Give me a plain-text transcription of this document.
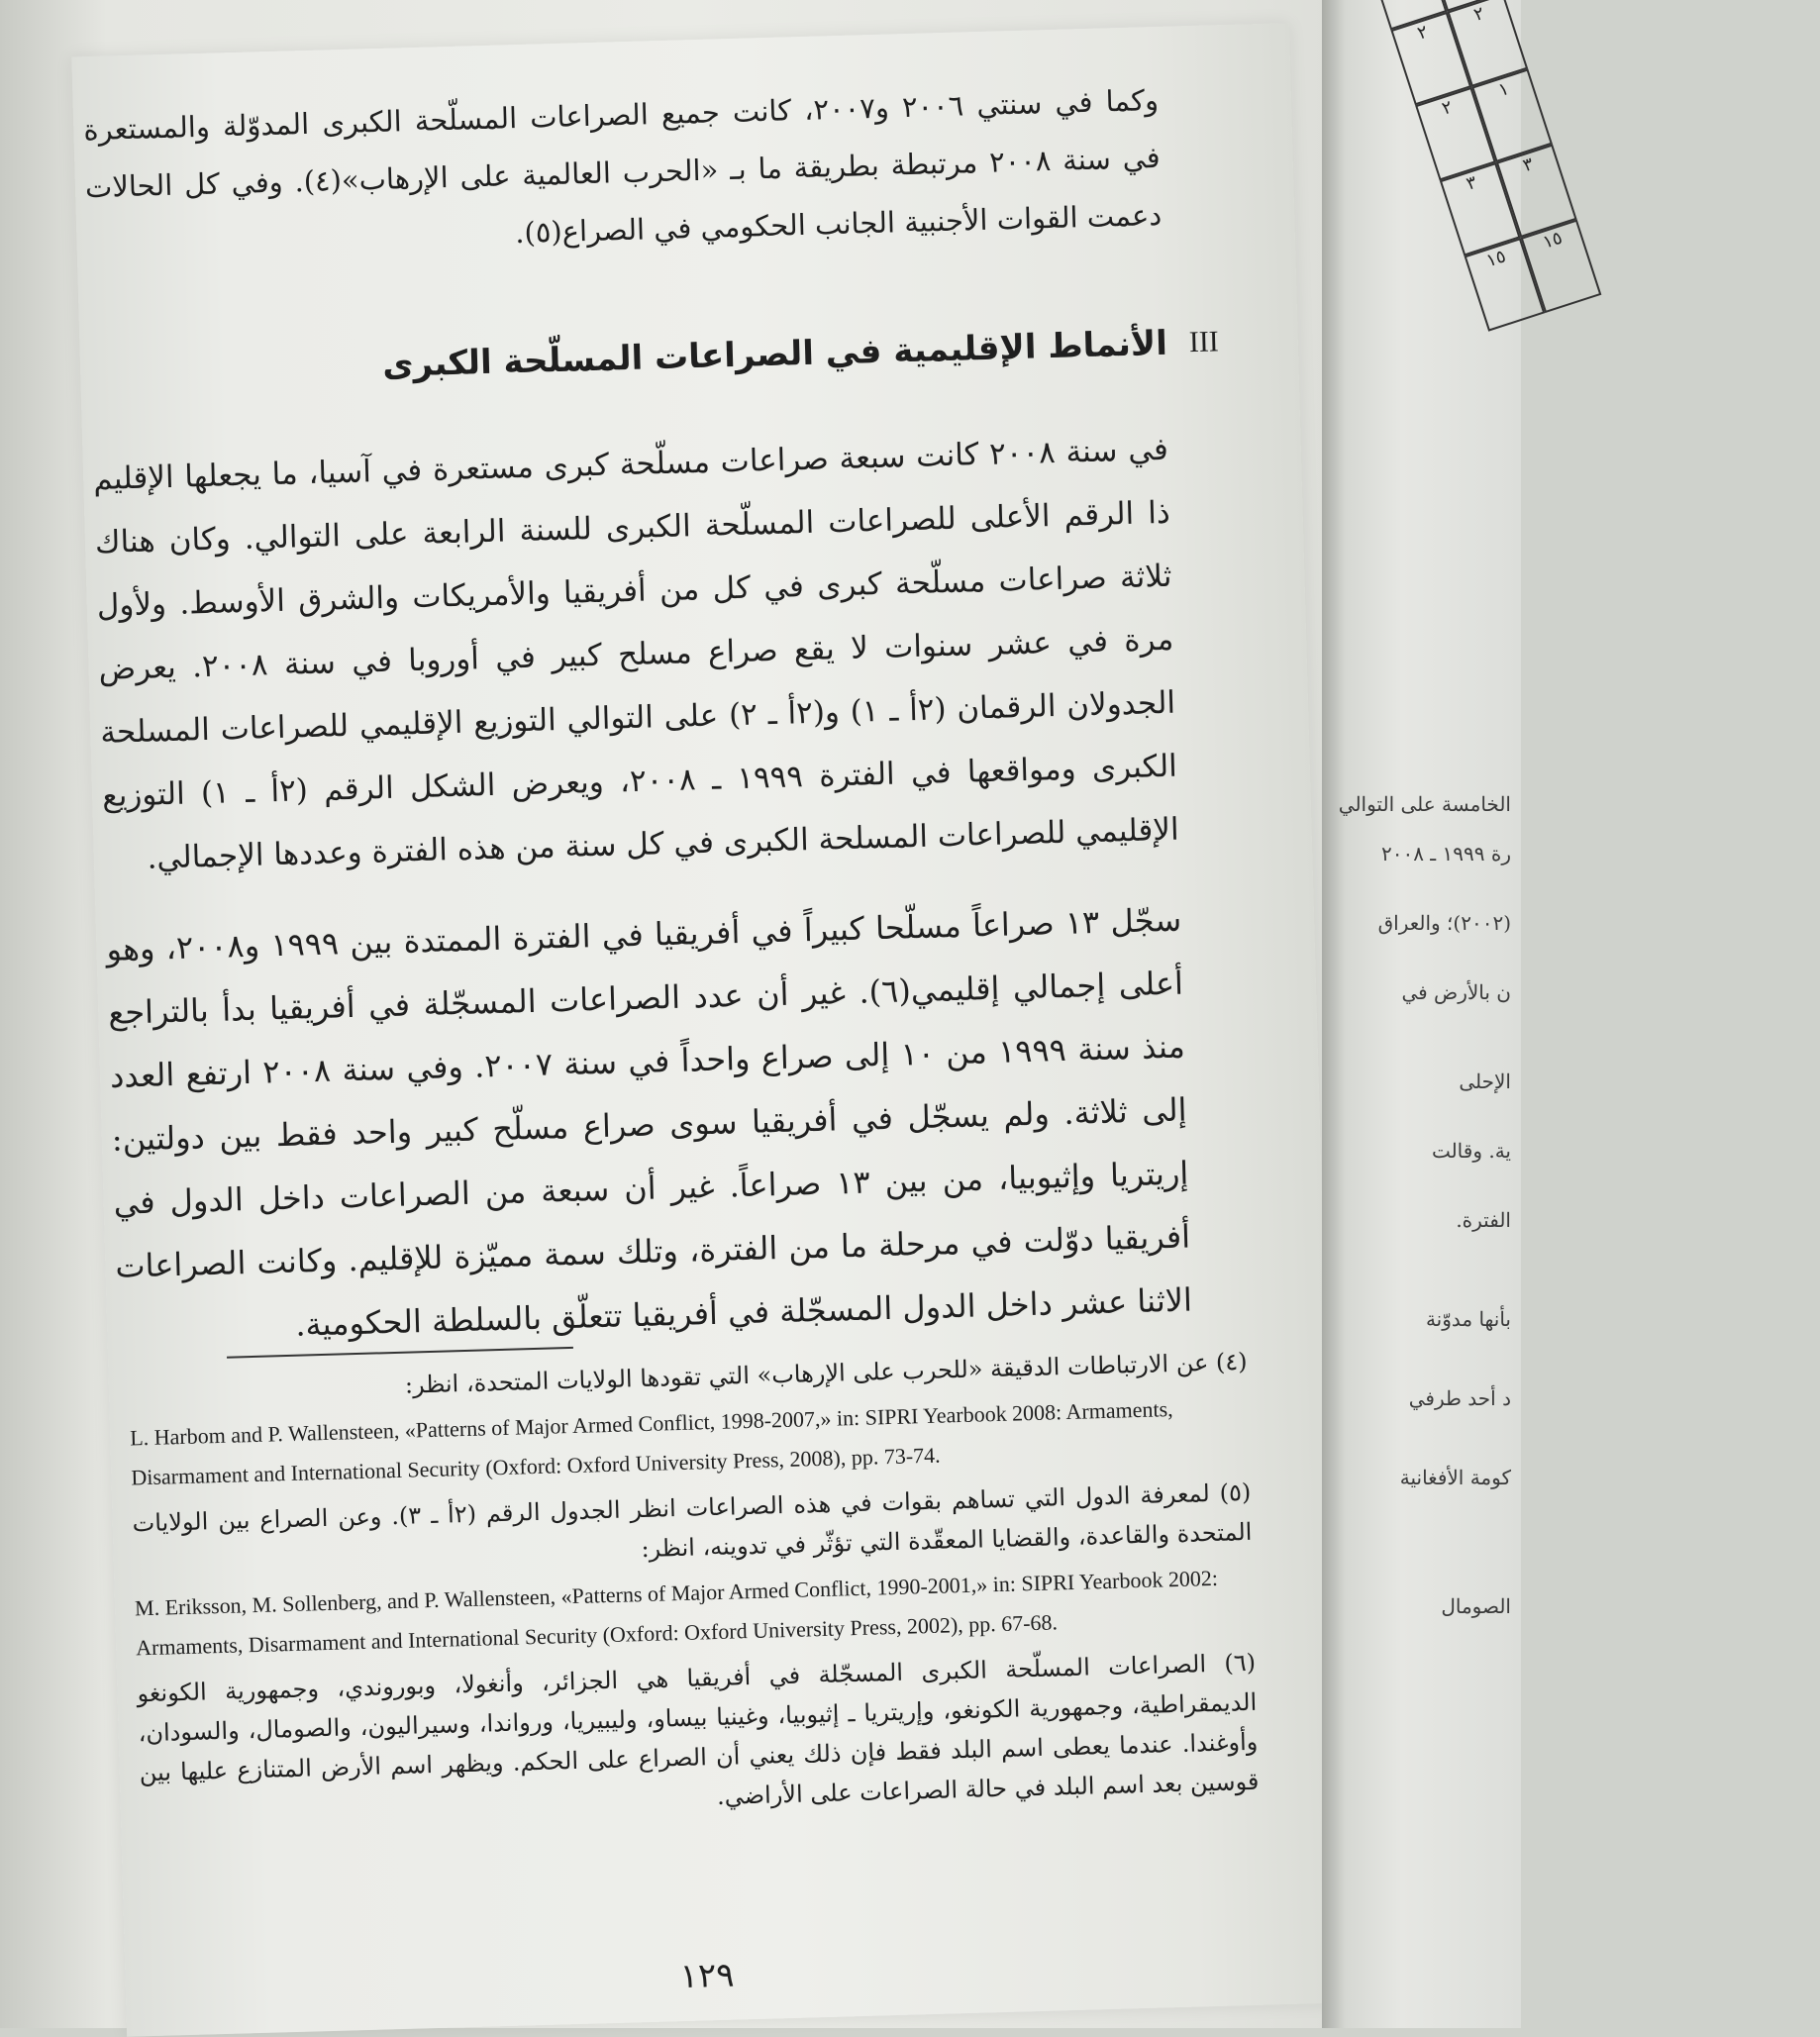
وكما في سنتي ٢٠٠٦ و٢٠٠٧، كانت جميع الصراعات المسلّحة الكبرى المدوّلة والمستعرة في سنة ٢٠٠٨ مرتبطة بطريقة ما بـ «الحرب العالمية على الإرهاب»(٤). وفي كل الحالات دعمت القوات الأجنبية الجانب الحكومي في الصراع(٥).

III
الأنماط الإقليمية في الصراعات المسلّحة الكبرى

في سنة ٢٠٠٨ كانت سبعة صراعات مسلّحة كبرى مستعرة في آسيا، ما يجعلها الإقليم ذا الرقم الأعلى للصراعات المسلّحة الكبرى للسنة الرابعة على التوالي. وكان هناك ثلاثة صراعات مسلّحة كبرى في كل من أفريقيا والأمريكات والشرق الأوسط. ولأول مرة في عشر سنوات لا يقع صراع مسلح كبير في أوروبا في سنة ٢٠٠٨. يعرض الجدولان الرقمان (٢أ ـ ١) و(٢أ ـ ٢) على التوالي التوزيع الإقليمي للصراعات المسلحة الكبرى ومواقعها في الفترة ١٩٩٩ ـ ٢٠٠٨، ويعرض الشكل الرقم (٢أ ـ ١) التوزيع الإقليمي للصراعات المسلحة الكبرى في كل سنة من هذه الفترة وعددها الإجمالي.

سجّل ١٣ صراعاً مسلّحا كبيراً في أفريقيا في الفترة الممتدة بين ١٩٩٩ و٢٠٠٨، وهو أعلى إجمالي إقليمي(٦). غير أن عدد الصراعات المسجّلة في أفريقيا بدأ بالتراجع منذ سنة ١٩٩٩ من ١٠ إلى صراع واحداً في سنة ٢٠٠٧. وفي سنة ٢٠٠٨ ارتفع العدد إلى ثلاثة. ولم يسجّل في أفريقيا سوى صراع مسلّح كبير واحد فقط بين دولتين: إريتريا وإثيوبيا، من بين ١٣ صراعاً. غير أن سبعة من الصراعات داخل الدول في أفريقيا دوّلت في مرحلة ما من الفترة، وتلك سمة مميّزة للإقليم. وكانت الصراعات الاثنا عشر داخل الدول المسجّلة في أفريقيا تتعلّق بالسلطة الحكومية.

(٤) عن الارتباطات الدقيقة «للحرب على الإرهاب» التي تقودها الولايات المتحدة، انظر:

L. Harbom and P. Wallensteen, «Patterns of Major Armed Conflict, 1998-2007,» in: SIPRI Yearbook 2008: Armaments, Disarmament and International Security (Oxford: Oxford University Press, 2008), pp. 73-74.

(٥) لمعرفة الدول التي تساهم بقوات في هذه الصراعات انظر الجدول الرقم (٢أ ـ ٣). وعن الصراع بين الولايات المتحدة والقاعدة، والقضايا المعقّدة التي تؤثّر في تدوينه، انظر:

M. Eriksson, M. Sollenberg, and P. Wallensteen, «Patterns of Major Armed Conflict, 1990-2001,» in: SIPRI Yearbook 2002: Armaments, Disarmament and International Security (Oxford: Oxford University Press, 2002), pp. 67-68.

(٦) الصراعات المسلّحة الكبرى المسجّلة في أفريقيا هي الجزائر، وأنغولا، وبوروندي، وجمهورية الكونغو الديمقراطية، وجمهورية الكونغو، وإريتريا ـ إثيوبيا، وغينيا بيساو، وليبيريا، ورواندا، وسيراليون، والصومال، والسودان، وأوغندا. عندما يعطى اسم البلد فقط فإن ذلك يعني أن الصراع على الحكم. ويظهر اسم الأرض المتنازع عليها بين قوسين بعد اسم البلد في حالة الصراعات على الأراضي.

١٢٩
٢
٢
٢
١
٣
٣
١٥
١٥
الخامسة على التوالي
رة ١٩٩٩ ـ ٢٠٠٨
(٢٠٠٢)؛ والعراق
ن بالأرض في
الإحلى
ية. وقالت
الفترة.
بأنها مدوّنة
د أحد طرفي
كومة الأفغانية
الصومال
